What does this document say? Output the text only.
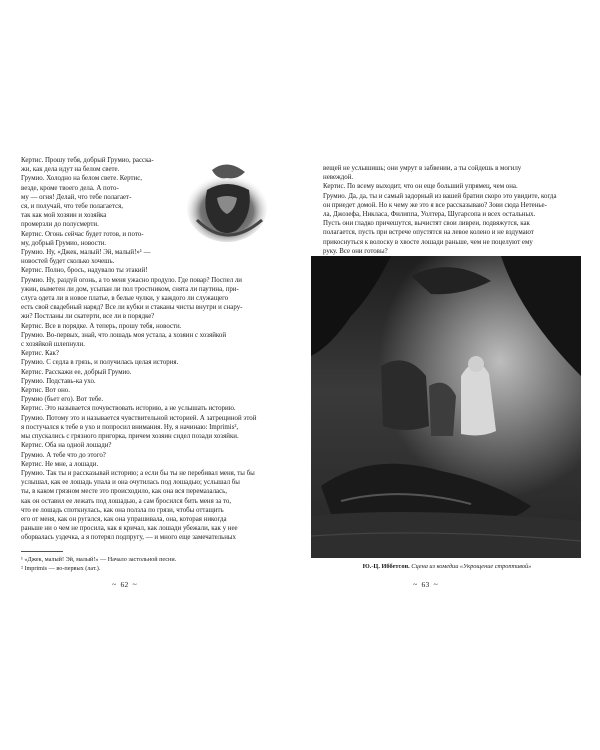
Кертис. Прошу тебя, добрый Грумио, расска-

жи, как дела идут на белом свете.

Грумио. Холодно на белом свете. Кертис,

везде, кроме твоего дела. А пото-

му — огня! Делай, что тебе полагает-

ся, и получай, что тебе полагается,

так как мой хозяин и хозяйка

промерзли до полусмерти.

Кертис. Огонь сейчас будет готов, и пото-

му, добрый Грумио, новости.

Грумио. Ну, «Джек, малый! Эй, малый!»¹ —

новостей будет сколько хочешь.

Кертис. Полно, брось, надувало ты этакий!

Грумио. Ну, раздуй огонь, а то меня ужасно продуло. Где повар? Поспел ли

ужин, выметен ли дом, усыпан ли пол тростником, снята ли паутина, при-

слуга одета ли в новое платье, в белые чулки, у каждого ли служащего

есть свой свадебный наряд? Все ли кубки и стаканы чисты внутри и снару-

жи? Постланы ли скатерти, все ли в порядке?

Кертис. Все в порядке. А теперь, прошу тебя, новости.

Грумио. Во-первых, знай, что лошадь моя устала, а хозяин с хозяйкой

с хозяйкой шлепнули.

Кертис. Как?

Грумио. С седла в грязь, и получилась целая история.

Кертис. Расскажи ее, добрый Грумио.

Грумио. Подставь-ка ухо.

Кертис. Вот оно.

Грумио (бьет его). Вот тебе.

Кертис. Это называется почувствовать историю, а не услышать историю.

Грумио. Потому это и называется чувствительной историей. А затрещиной этой

я постучался к тебе в ухо и попросил внимания. Ну, я начинаю: Imprimis²,

мы спускались с грязного пригорка, причем хозяин сидел позади хозяйки.

Кертис. Оба на одной лошади?

Грумио. А тебе что до этого?

Кертис. Не мне, а лошади.

Грумио. Так ты и рассказывай историю; а если бы ты не перебивал меня, ты бы

услышал, как ее лошадь упала и она очутилась под лошадью; услышал бы

ты, в каком грязном месте это происходило, как она вся перемазалась,

как он оставил ее лежать под лошадью, а сам бросился бить меня за то,

что ее лошадь споткнулась, как она ползла по грязи, чтобы оттащить

его от меня, как он ругался, как она упрашивала, она, которая никогда

раньше ни о чем не просила, как я кричал, как лошади убежали, как у нее

оборвалась уздечка, а я потерял подпругу, — и много еще замечательных

¹ «Джек, малый! Эй, малый!» — Начало застольной песни.
² Imprimis — во-первых (лат.).
~ 62 ~

вещей не услышишь; они умрут в забвении, а ты сойдешь в могилу

невеждой.

Кертис. По всему выходит, что он еще больший упрямец, чем она.

Грумио. Да, да, ты и самый задорный из вашей братии скоро это увидите, когда

он приедет домой. Но к чему же это я все рассказываю? Зови сюда Нетенье-

ла, Джозефа, Никласа, Филиппа, Уолтера, Шугарсопа и всех остальных.

Пусть они гладко причешутся, вычистят свои ливреи, подвяжутся, как

полагается, пусть при встрече опустятся на левое колено и не вздумают

прикоснуться к волоску в хвосте лошади раньше, чем не поцелуют ему

руку. Все они готовы?

Ю.-Ц. Иббетсон. Сцена из комедии «Укрощение строптивой»
~ 63 ~
